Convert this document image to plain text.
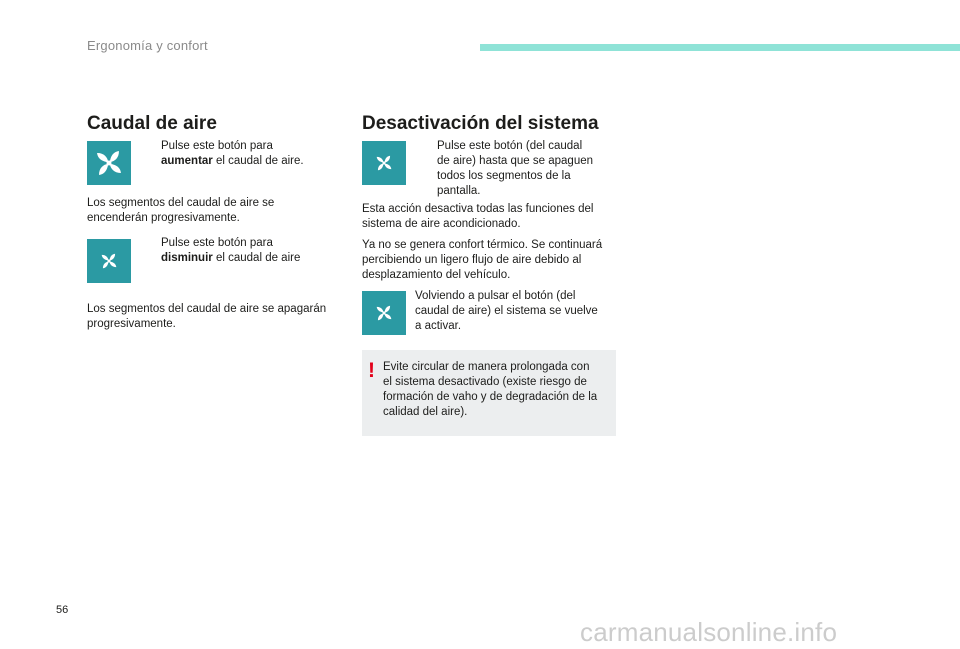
Ergonomía y confort
Caudal de aire

Pulse este botón para
aumentar el caudal de aire.

Los segmentos del caudal de aire se
encenderán progresivamente.

Pulse este botón para
disminuir el caudal de aire

Los segmentos del caudal de aire se apagarán
progresivamente.

Desactivación del sistema

Pulse este botón (del caudal
de aire) hasta que se apaguen
todos los segmentos de la
pantalla.

Esta acción desactiva todas las funciones del
sistema de aire acondicionado.

Ya no se genera confort térmico. Se continuará
percibiendo un ligero flujo de aire debido al
desplazamiento del vehículo.

Volviendo a pulsar el botón (del
caudal de aire) el sistema se vuelve
a activar.

! Evite circular de manera prolongada con
el sistema desactivado (existe riesgo de
formación de vaho y de degradación de la
calidad del aire).

56
carmanualsonline.info
